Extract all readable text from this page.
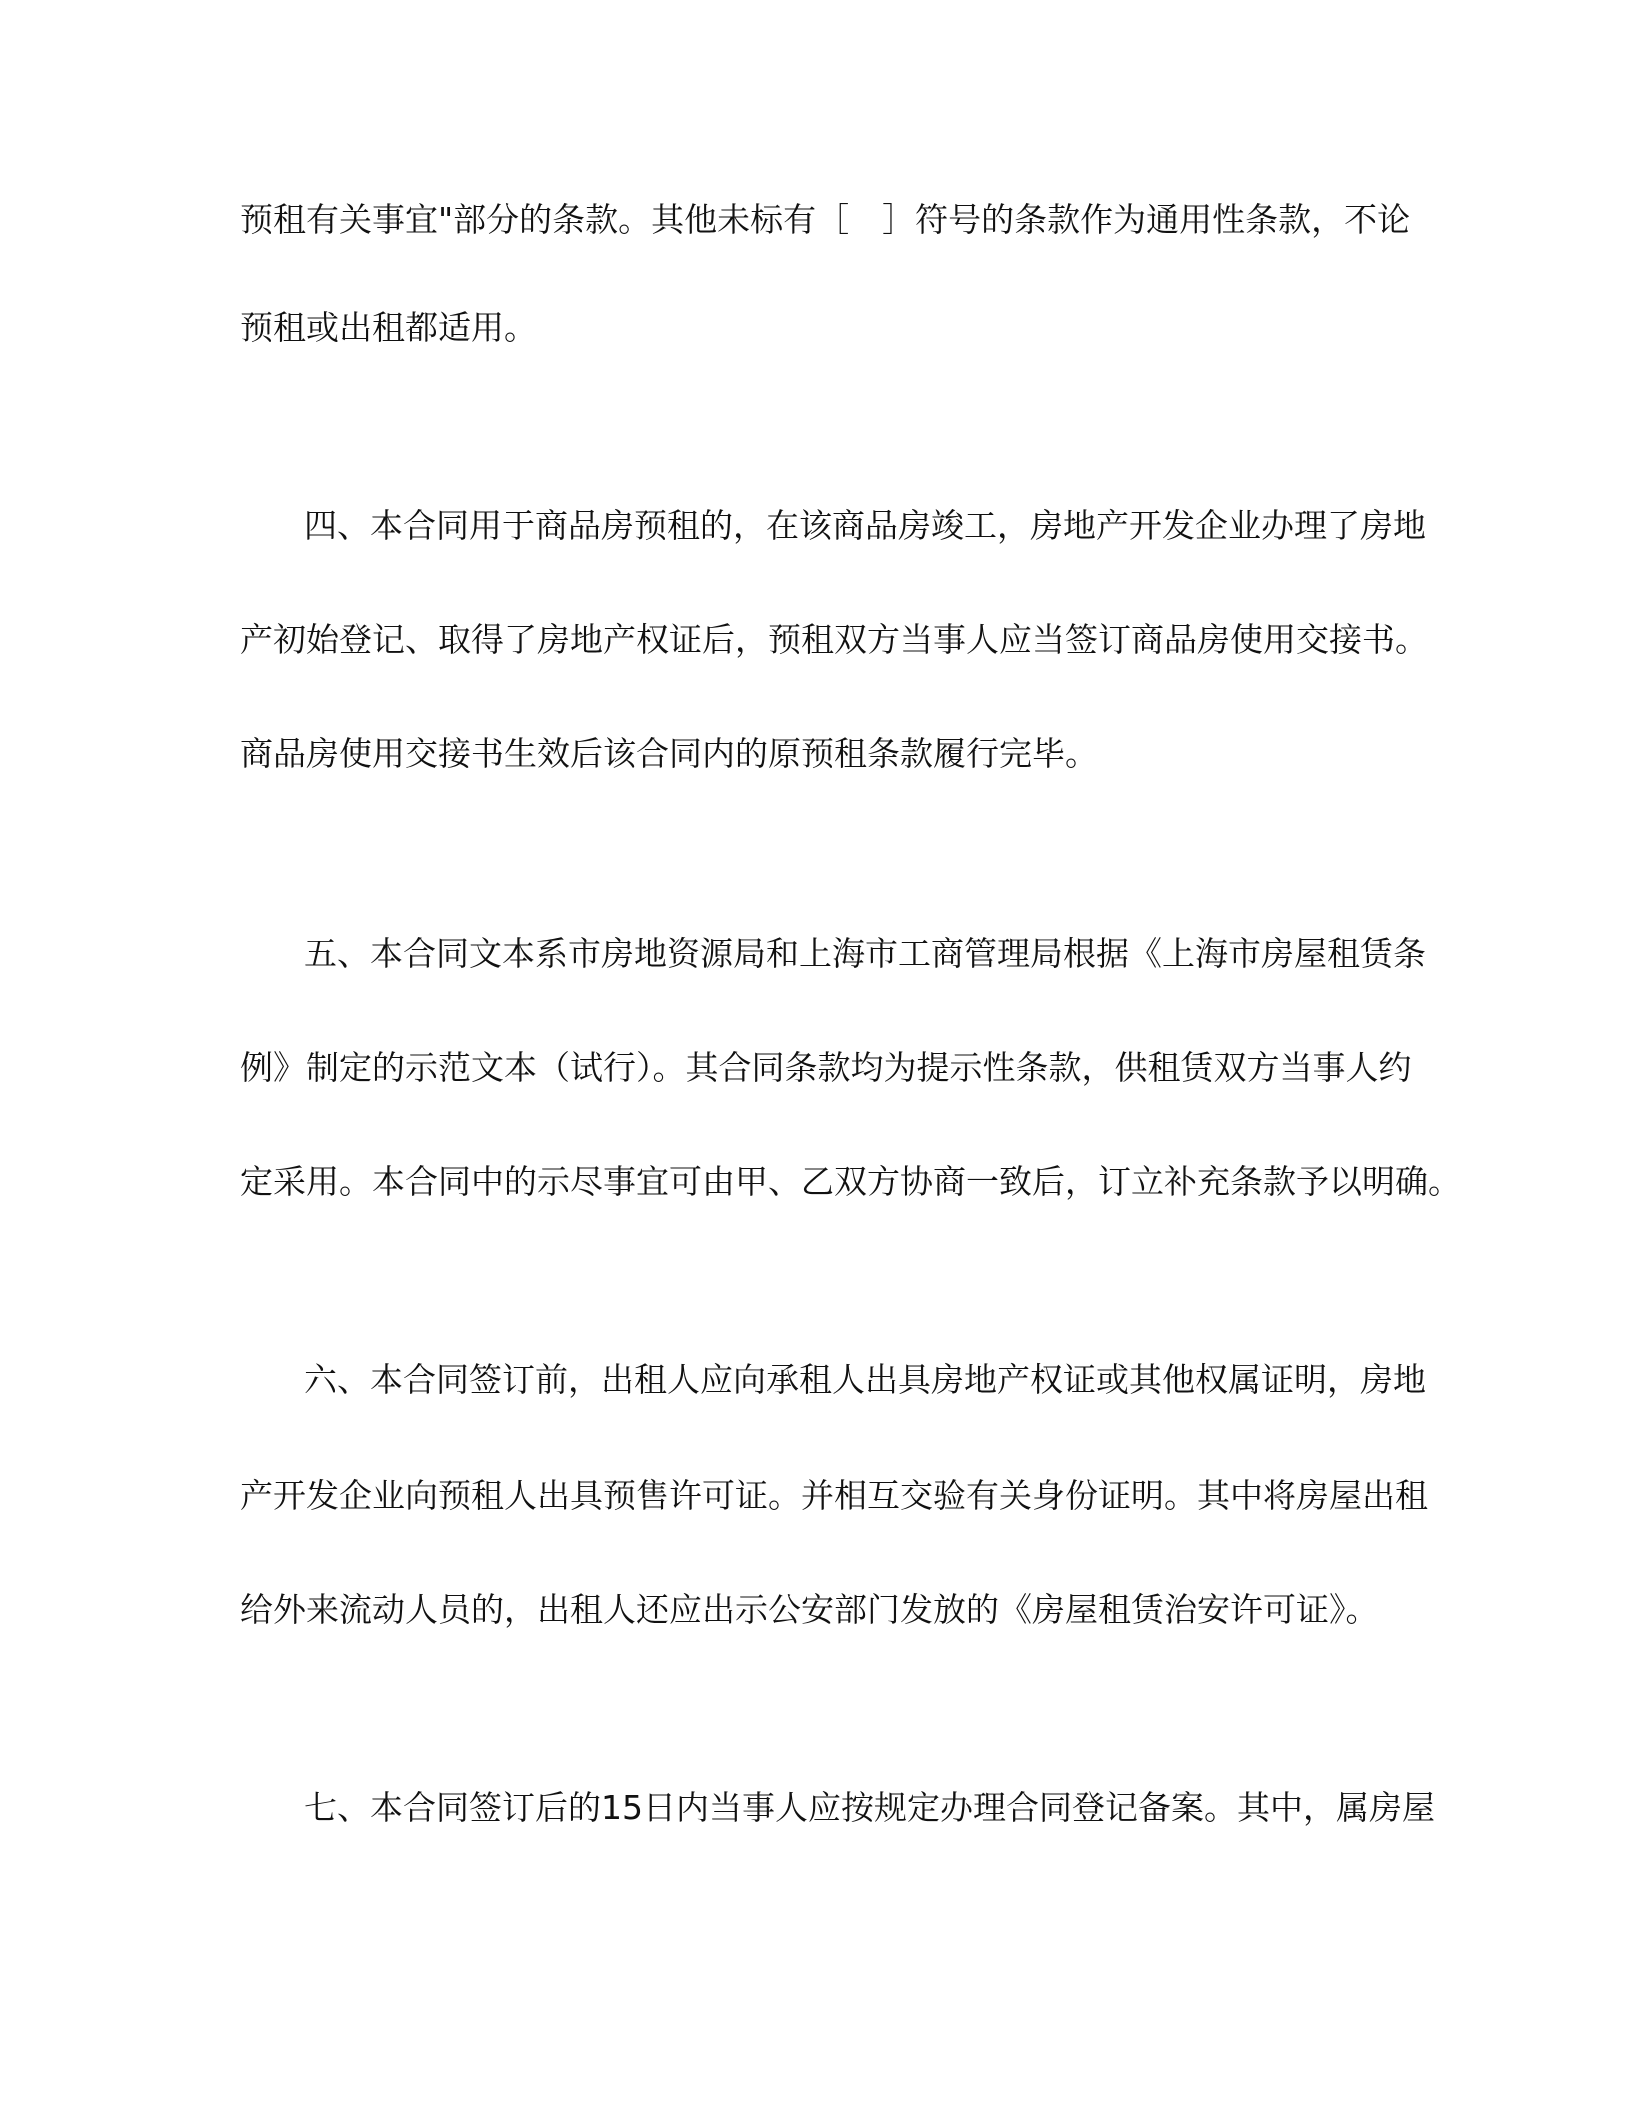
预租有关事宜"部分的条款。其他未标有［　］符号的条款作为通用性条款，不论
预租或出租都适用。
四、本合同用于商品房预租的，在该商品房竣工，房地产开发企业办理了房地
产初始登记、取得了房地产权证后，预租双方当事人应当签订商品房使用交接书。
商品房使用交接书生效后该合同内的原预租条款履行完毕。
五、本合同文本系市房地资源局和上海市工商管理局根据《上海市房屋租赁条
例》制定的示范文本（试行）。其合同条款均为提示性条款，供租赁双方当事人约
定采用。本合同中的示尽事宜可由甲、乙双方协商一致后，订立补充条款予以明确。
六、本合同签订前，出租人应向承租人出具房地产权证或其他权属证明，房地
产开发企业向预租人出具预售许可证。并相互交验有关身份证明。其中将房屋出租
给外来流动人员的，出租人还应出示公安部门发放的《房屋租赁治安许可证》。
七、本合同签订后的15日内当事人应按规定办理合同登记备案。其中，属房屋
